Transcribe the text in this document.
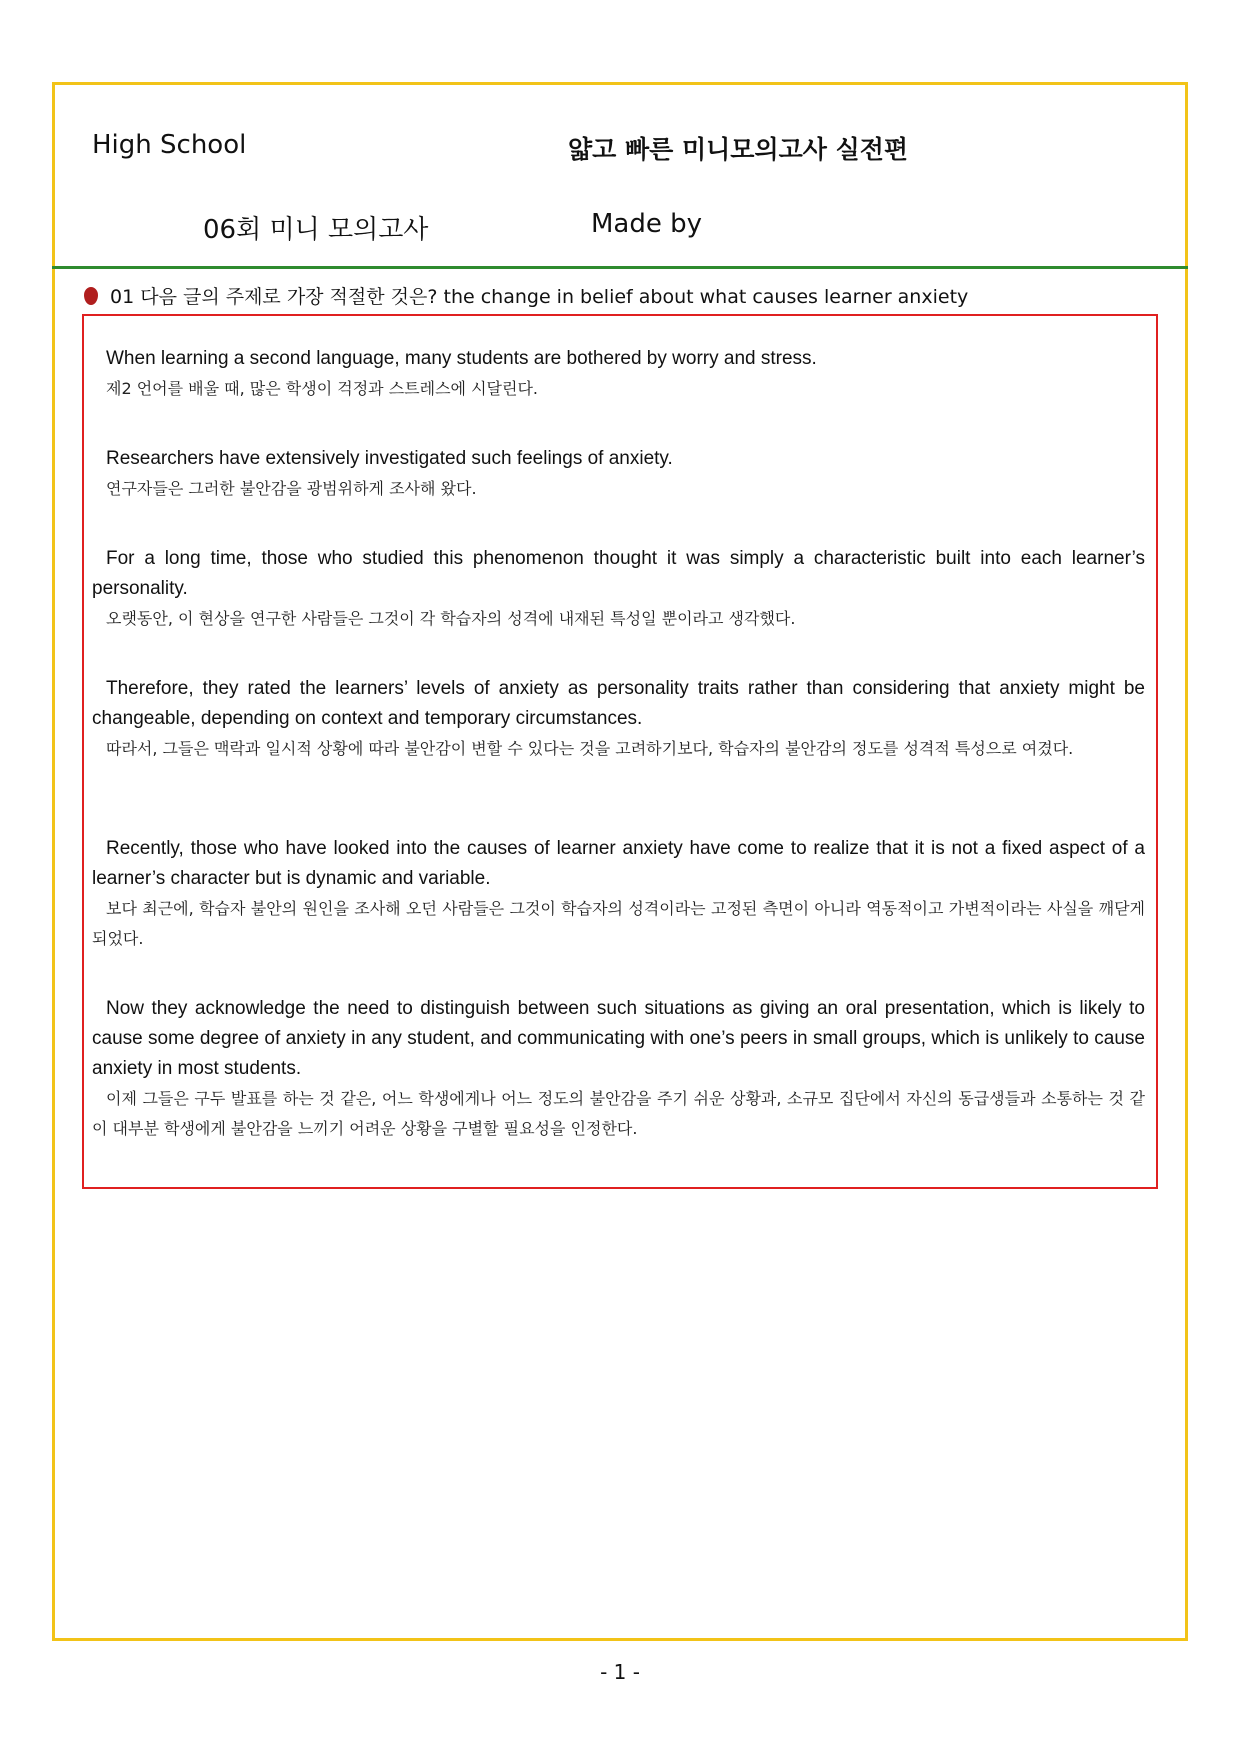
High School	얇고 빠른 미니모의고사 실전편
06회 미니 모의고사	Made by
01 다음 글의 주제로 가장 적절한 것은? the change in belief about what causes learner anxiety

When learning a second language, many students are bothered by worry and stress.

제2 언어를 배울 때, 많은 학생이 걱정과 스트레스에 시달린다.

Researchers have extensively investigated such feelings of anxiety.

연구자들은 그러한 불안감을 광범위하게 조사해 왔다.

For a long time, those who studied this phenomenon thought it was simply a characteristic built into each learner’s personality.

오랫동안, 이 현상을 연구한 사람들은 그것이 각 학습자의 성격에 내재된 특성일 뿐이라고 생각했다.

Therefore, they rated the learners’ levels of anxiety as personality traits rather than considering that anxiety might be changeable, depending on context and temporary circumstances.

따라서, 그들은 맥락과 일시적 상황에 따라 불안감이 변할 수 있다는 것을 고려하기보다, 학습자의 불안감의 정도를 성격적 특성으로 여겼다.

Recently, those who have looked into the causes of learner anxiety have come to realize that it is not a fixed aspect of a learner’s character but is dynamic and variable.

보다 최근에, 학습자 불안의 원인을 조사해 오던 사람들은 그것이 학습자의 성격이라는 고정된 측면이 아니라 역동적이고 가변적이라는 사실을 깨닫게 되었다.

Now they acknowledge the need to distinguish between such situations as giving an oral presentation, which is likely to cause some degree of anxiety in any student, and communicating with one’s peers in small groups, which is unlikely to cause anxiety in most students.

이제 그들은 구두 발표를 하는 것 같은, 어느 학생에게나 어느 정도의 불안감을 주기 쉬운 상황과, 소규모 집단에서 자신의 동급생들과 소통하는 것 같이 대부분 학생에게 불안감을 느끼기 어려운 상황을 구별할 필요성을 인정한다.

- 1 -
